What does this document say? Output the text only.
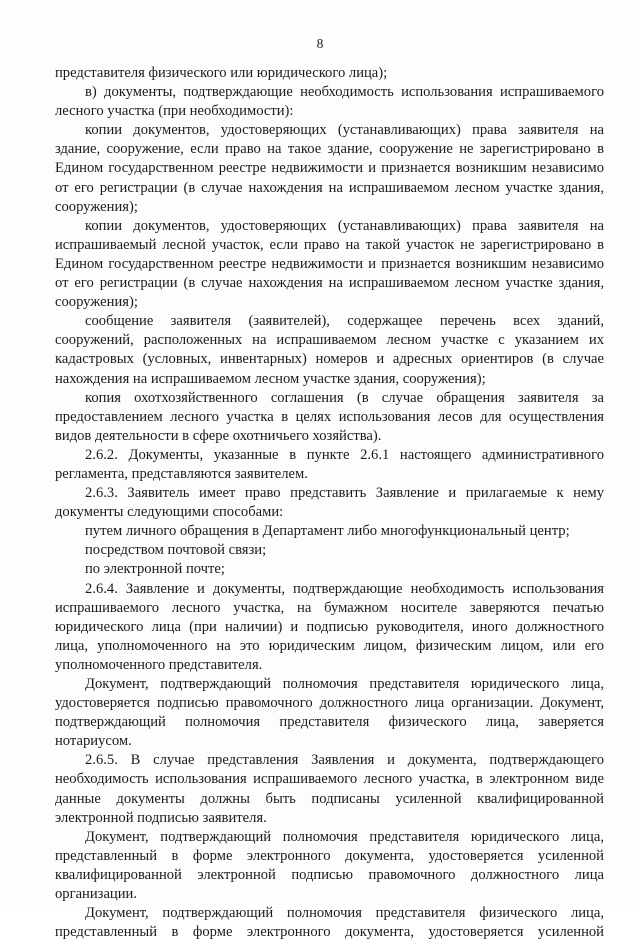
8

представителя физического или юридического лица);

в) документы, подтверждающие необходимость использования испрашиваемого лесного участка (при необходимости):

копии документов, удостоверяющих (устанавливающих) права заявителя на здание, сооружение, если право на такое здание, сооружение не зарегистрировано в Едином государственном реестре недвижимости и признается возникшим независимо от его регистрации (в случае нахождения на испрашиваемом лесном участке здания, сооружения);

копии документов, удостоверяющих (устанавливающих) права заявителя на испрашиваемый лесной участок, если право на такой участок не зарегистрировано в Едином государственном реестре недвижимости и признается возникшим независимо от его регистрации (в случае нахождения на испрашиваемом лесном участке здания, сооружения);

сообщение заявителя (заявителей), содержащее перечень всех зданий, сооружений, расположенных на испрашиваемом лесном участке с указанием их кадастровых (условных, инвентарных) номеров и адресных ориентиров (в случае нахождения на испрашиваемом лесном участке здания, сооружения);

копия охотхозяйственного соглашения (в случае обращения заявителя за предоставлением лесного участка в целях использования лесов для осуществления видов деятельности в сфере охотничьего хозяйства).

2.6.2. Документы, указанные в пункте 2.6.1 настоящего административного регламента, представляются заявителем.

2.6.3. Заявитель имеет право представить Заявление и прилагаемые к нему документы следующими способами:

путем личного обращения в Департамент либо многофункциональный центр;

посредством почтовой связи;

по электронной почте;

2.6.4. Заявление и документы, подтверждающие необходимость использования испрашиваемого лесного участка, на бумажном носителе заверяются печатью юридического лица (при наличии) и подписью руководителя, иного должностного лица, уполномоченного на это юридическим лицом, физическим лицом, или его уполномоченного представителя.

Документ, подтверждающий полномочия представителя юридического лица, удостоверяется подписью правомочного должностного лица организации. Документ, подтверждающий полномочия представителя физического лица, заверяется нотариусом.

2.6.5. В случае представления Заявления и документа, подтверждающего необходимость использования испрашиваемого лесного участка, в электронном виде данные документы должны быть подписаны усиленной квалифицированной электронной подписью заявителя.

Документ, подтверждающий полномочия представителя юридического лица, представленный в форме электронного документа, удостоверяется усиленной квалифицированной электронной подписью правомочного должностного лица организации.

Документ, подтверждающий полномочия представителя физического лица, представленный в форме электронного документа, удостоверяется усиленной
